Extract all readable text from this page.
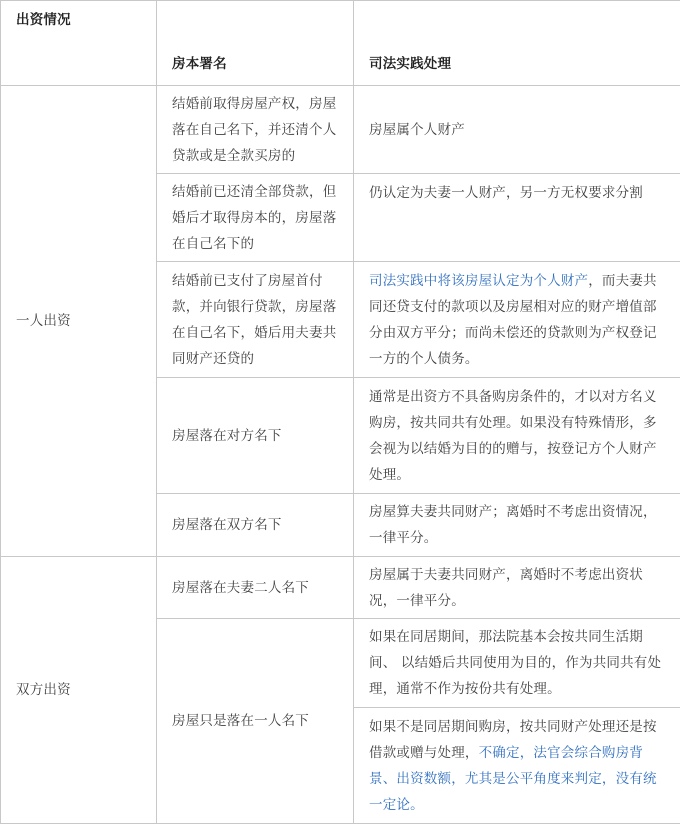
出资情况	房本署名	司法实践处理
一人出资	结婚前取得房屋产权，房屋落在自己名下，并还清个人贷款或是全款买房的	房屋属个人财产
	结婚前已还清全部贷款，但婚后才取得房本的，房屋落在自己名下的	仍认定为夫妻一人财产，另一方无权要求分割
	结婚前已支付了房屋首付款，并向银行贷款，房屋落在自己名下，婚后用夫妻共同财产还贷的	司法实践中将该房屋认定为个人财产，而夫妻共同还贷支付的款项以及房屋相对应的财产增值部分由双方平分；而尚未偿还的贷款则为产权登记一方的个人债务。
	房屋落在对方名下	通常是出资方不具备购房条件的，才以对方名义购房，按共同共有处理。如果没有特殊情形，多会视为以结婚为目的的赠与，按登记方个人财产处理。
	房屋落在双方名下	房屋算夫妻共同财产；离婚时不考虑出资情况，一律平分。
双方出资	房屋落在夫妻二人名下	房屋属于夫妻共同财产，离婚时不考虑出资状况，一律平分。
	房屋只是落在一人名下	如果在同居期间，那法院基本会按共同生活期间、 以结婚后共同使用为目的，作为共同共有处理，通常不作为按份共有处理。
		如果不是同居期间购房，按共同财产处理还是按借款或赠与处理，不确定，法官会综合购房背景、出资数额，尤其是公平角度来判定，没有统一定论。
